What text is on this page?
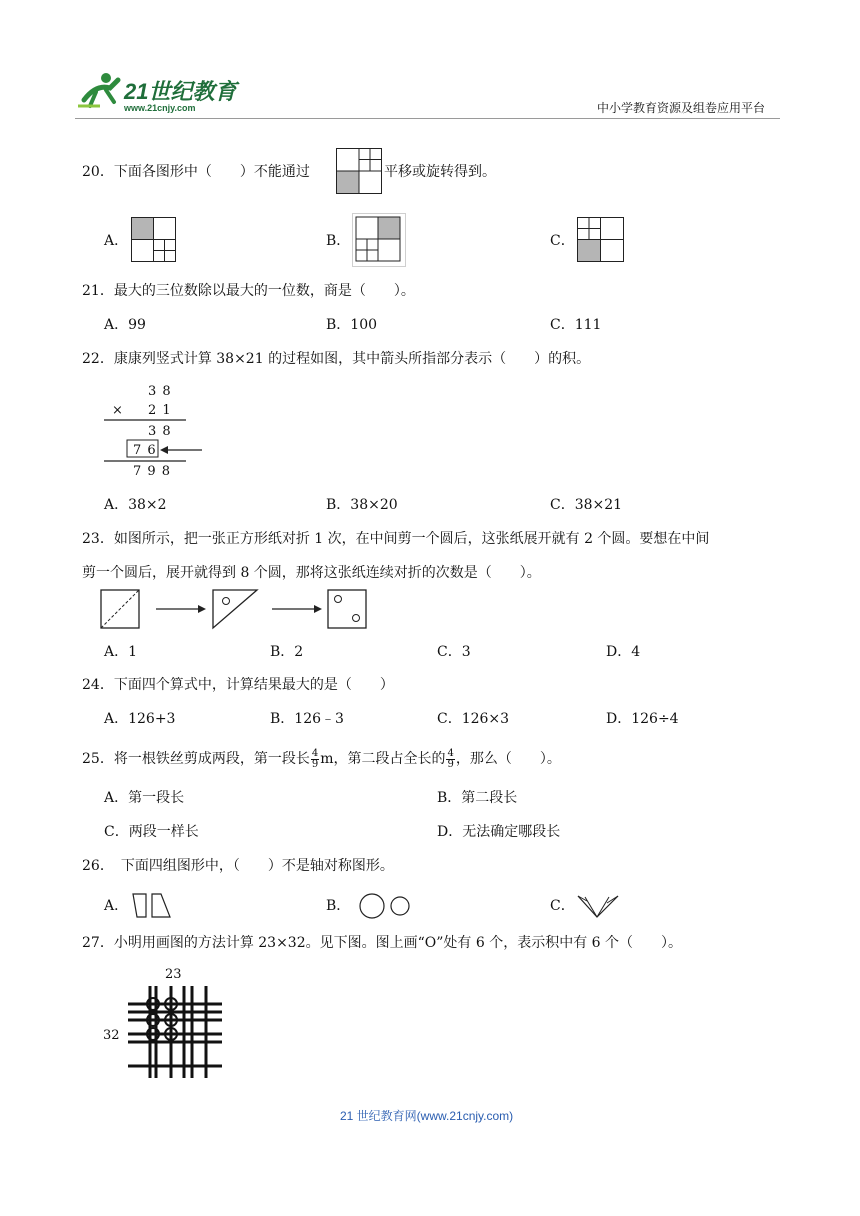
21世纪教育
www.21cnjy.com	中小学教育资源及组卷应用平台
20．下面各图形中（　　）不能通过	平移或旋转得到。
A．	B．	C．
21．最大的三位数除以最大的一位数，商是（　　）。
A．99	B．100	C．111
22．康康列竖式计算 38×21 的过程如图，其中箭头所指部分表示（　　）的积。
3 8
× 2 1
3 8
7 6
7 9 8
A．38×2	B．38×20	C．38×21
23．如图所示，把一张正方形纸对折 1 次，在中间剪一个圆后，这张纸展开就有 2 个圆。要想在中间
剪一个圆后，展开就得到 8 个圆，那将这张纸连续对折的次数是（　　）。
A．1	B．2	C．3	D．4
24．下面四个算式中，计算结果最大的是（　　）
A．126+3	B．126﹣3	C．126×3	D．126÷4
25．将一根铁丝剪成两段，第一段长 $\frac{4}{9}$ m，第二段占全长的 $\frac{4}{9}$ ，那么（　　）。
A．第一段长	B．第二段长
C．两段一样长	D．无法确定哪段长
26．　下面四组图形中，（　　）不是轴对称图形。
A．	B．	C．
27．小明用画图的方法计算 23×32。见下图。图上画“O”处有 6 个，表示积中有 6 个（　　）。
23
32
21 世纪教育网(www.21cnjy.com)
